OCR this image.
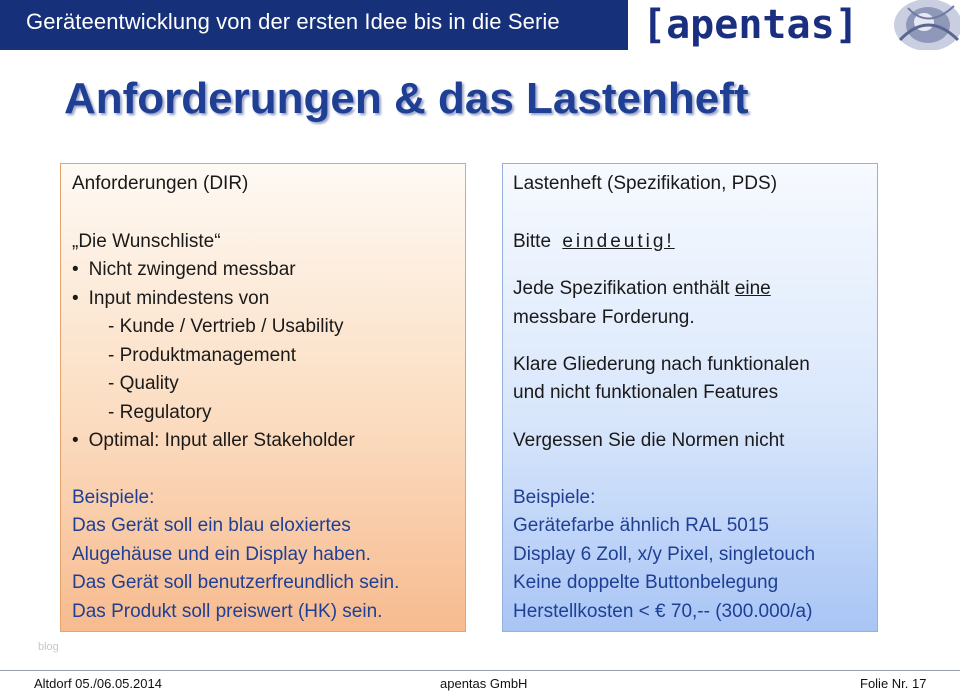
Geräteentwicklung von der ersten Idee bis in die Serie [apentas]
Anforderungen & das Lastenheft
Anforderungen (DIR)
„Die Wunschliste“
• Nicht zwingend messbar
• Input mindestens von
- Kunde / Vertrieb / Usability
- Produktmanagement
- Quality
- Regulatory
• Optimal: Input aller Stakeholder
Beispiele:
Das Gerät soll ein blau eloxiertes
Alugehäuse und ein Display haben.
Das Gerät soll benutzerfreundlich sein.
Das Produkt soll preiswert (HK) sein.
Lastenheft (Spezifikation, PDS)
Bitte eindeutig!
Jede Spezifikation enthält eine
messbare Forderung.
Klare Gliederung nach funktionalen
und nicht funktionalen Features
Vergessen Sie die Normen nicht
Beispiele:
Gerätefarbe ähnlich RAL 5015
Display 6 Zoll, x/y Pixel, singletouch
Keine doppelte Buttonbelegung
Herstellkosten < € 70,-- (300.000/a)
blog
Altdorf 05./06.05.2014	apentas GmbH	Folie Nr. 17
